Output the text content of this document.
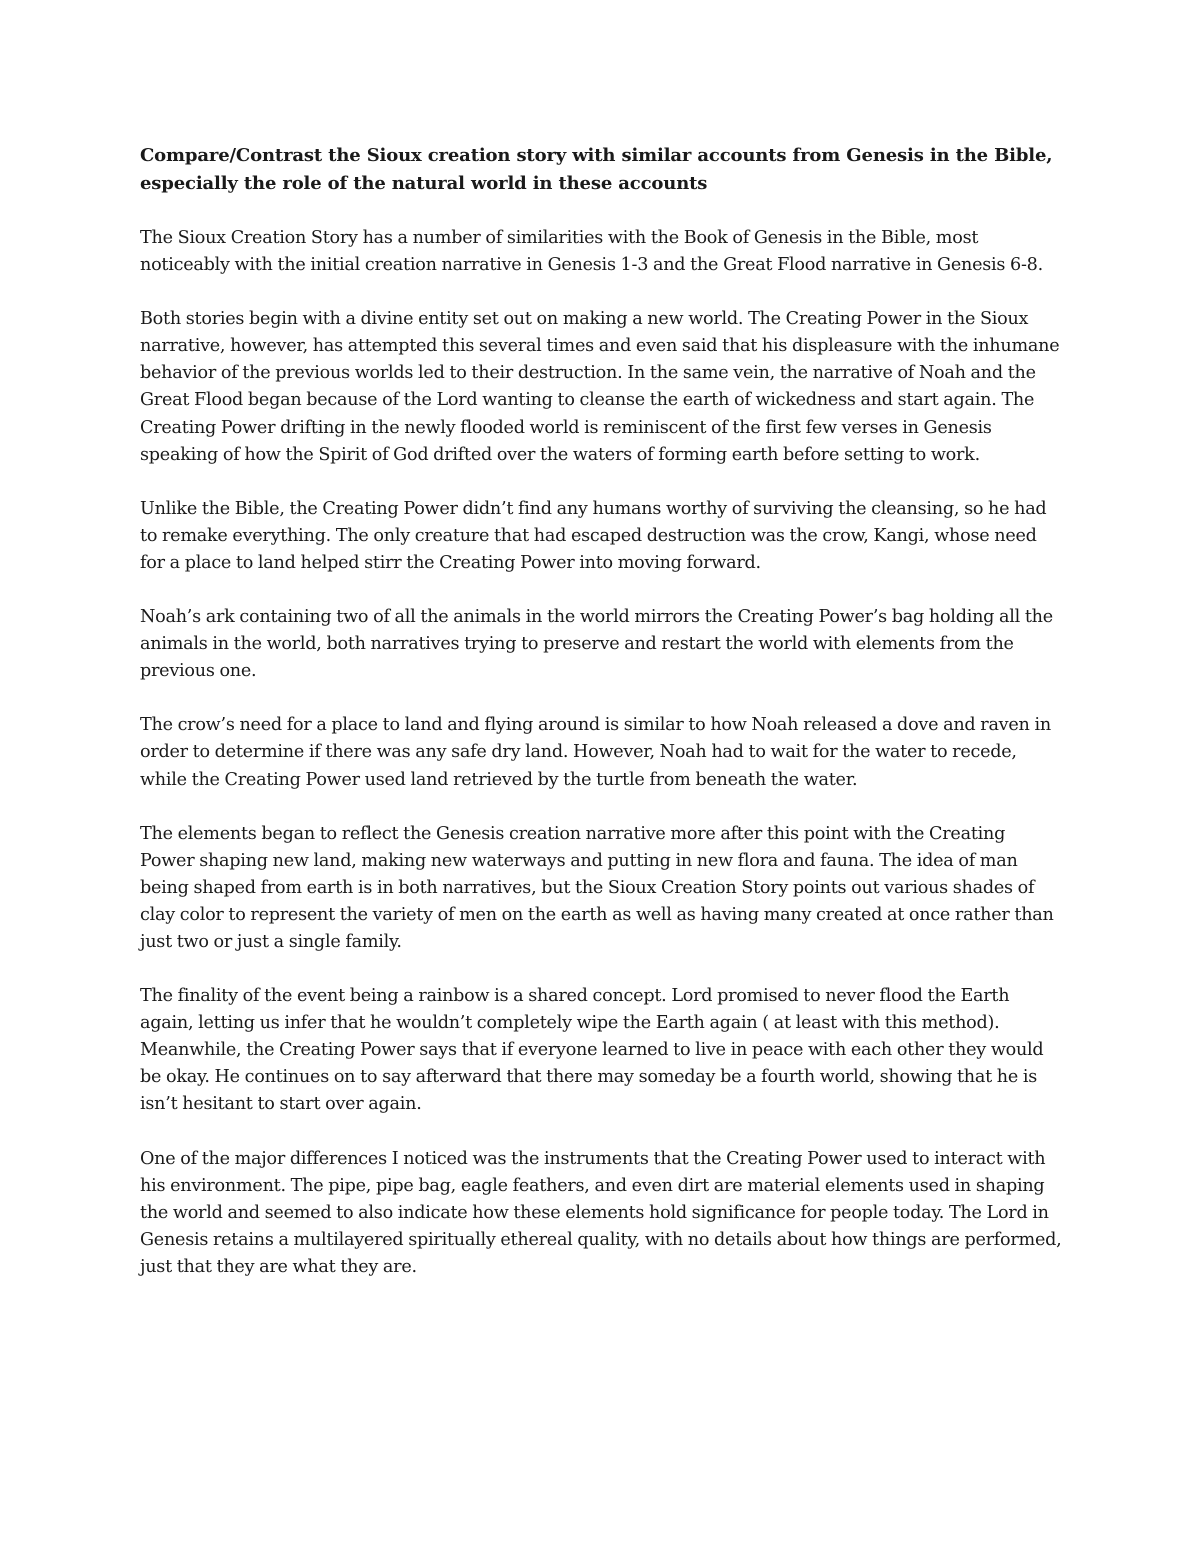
Compare/Contrast the Sioux creation story with similar accounts from Genesis in the Bible, especially the role of the natural world in these accounts

The Sioux Creation Story has a number of similarities with the Book of Genesis in the Bible, most noticeably with the initial creation narrative in Genesis 1-3 and the Great Flood narrative in Genesis 6-8.

Both stories begin with a divine entity set out on making a new world. The Creating Power in the Sioux narrative, however, has attempted this several times and even said that his displeasure with the inhumane behavior of the previous worlds led to their destruction. In the same vein, the narrative of Noah and the Great Flood began because of the Lord wanting to cleanse the earth of wickedness and start again. The Creating Power drifting in the newly flooded world is reminiscent of the first few verses in Genesis speaking of how the Spirit of God drifted over the waters of forming earth before setting to work.

Unlike the Bible, the Creating Power didn’t find any humans worthy of surviving the cleansing, so he had to remake everything. The only creature that had escaped destruction was the crow, Kangi, whose need for a place to land helped stirr the Creating Power into moving forward.

Noah’s ark containing two of all the animals in the world mirrors the Creating Power’s bag holding all the animals in the world, both narratives trying to preserve and restart the world with elements from the previous one.

The crow’s need for a place to land and flying around is similar to how Noah released a dove and raven in order to determine if there was any safe dry land. However, Noah had to wait for the water to recede, while the Creating Power used land retrieved by the turtle from beneath the water.

The elements began to reflect the Genesis creation narrative more after this point with the Creating Power shaping new land, making new waterways and putting in new flora and fauna. The idea of man being shaped from earth is in both narratives, but the Sioux Creation Story points out various shades of clay color to represent the variety of men on the earth as well as having many created at once rather than just two or just a single family.

The finality of the event being a rainbow is a shared concept. Lord promised to never flood the Earth again, letting us infer that he wouldn’t completely wipe the Earth again ( at least with this method). Meanwhile, the Creating Power says that if everyone learned to live in peace with each other they would be okay. He continues on to say afterward that there may someday be a fourth world, showing that he is isn’t hesitant to start over again.

One of the major differences I noticed was the instruments that the Creating Power used to interact with his environment. The pipe, pipe bag, eagle feathers, and even dirt are material elements used in shaping the world and seemed to also indicate how these elements hold significance for people today. The Lord in Genesis retains a multilayered spiritually ethereal quality, with no details about how things are performed, just that they are what they are.
